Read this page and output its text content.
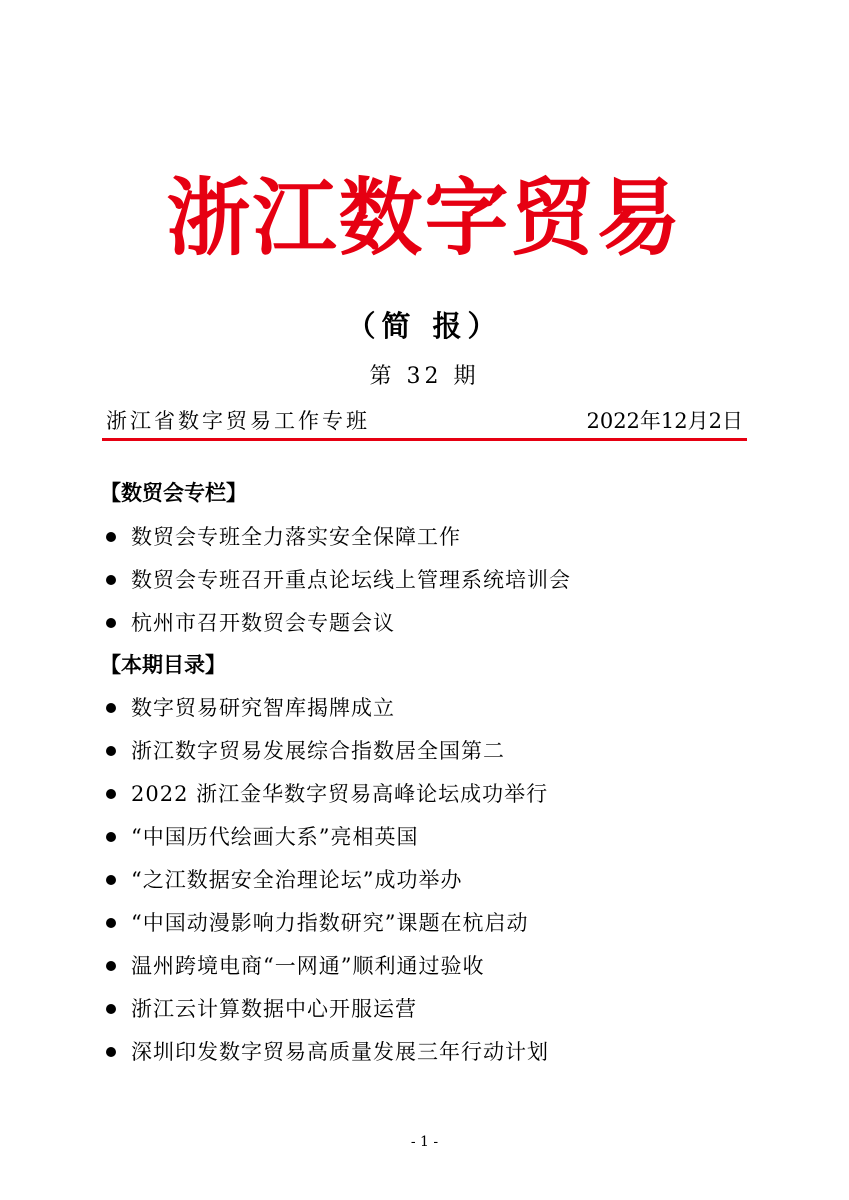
浙江数字贸易
（简 报）
第 32 期
浙江省数字贸易工作专班	2022年12月2日
【数贸会专栏】
数贸会专班全力落实安全保障工作
数贸会专班召开重点论坛线上管理系统培训会
杭州市召开数贸会专题会议
【本期目录】
数字贸易研究智库揭牌成立
浙江数字贸易发展综合指数居全国第二
2022 浙江金华数字贸易高峰论坛成功举行
“中国历代绘画大系”亮相英国
“之江数据安全治理论坛”成功举办
“中国动漫影响力指数研究”课题在杭启动
温州跨境电商“一网通”顺利通过验收
浙江云计算数据中心开服运营
深圳印发数字贸易高质量发展三年行动计划
- 1 -
